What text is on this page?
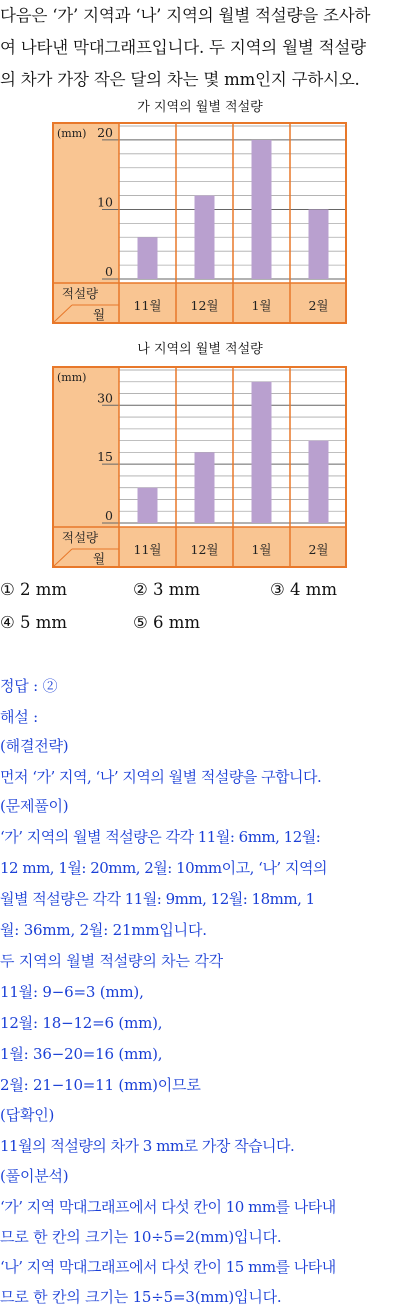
다음은 ‘가’ 지역과 ‘나’ 지역의 월별 적설량을 조사하
여 나타낸 막대그래프입니다. 두 지역의 월별 적설량
의 차가 가장 작은 달의 차는 몇 mm인지 구하시오.
가 지역의 월별 적설량
0
10
20
(mm)
11월 12월	1월	2월
적설량
월
나 지역의 월별 적설량
0
15
30
(mm)
11월 12월	1월	2월
적설량
월
① 2 mm	② 3 mm	③ 4 mm
④ 5 mm	⑤ 6 mm
정답 : ②
해설 :
(해결전략)
먼저 ‘가’ 지역, ‘나’ 지역의 월별 적설량을 구합니다.
(문제풀이)
‘가’ 지역의 월별 적설량은 각각 11월: 6mm, 12월:
12 mm, 1월: 20mm, 2월: 10mm이고, ‘나’ 지역의
월별 적설량은 각각 11월: 9mm, 12월: 18mm, 1
월: 36mm, 2월: 21mm입니다.
두 지역의 월별 적설량의 차는 각각
11월: 9−6=3 (mm),
12월: 18−12=6 (mm),
1월: 36−20=16 (mm),
2월: 21−10=11 (mm)이므로
(답확인)
11월의 적설량의 차가 3 mm로 가장 작습니다.
(풀이분석)
‘가’ 지역 막대그래프에서 다섯 칸이 10 mm를 나타내
므로 한 칸의 크기는 10÷5=2(mm)입니다.
‘나’ 지역 막대그래프에서 다섯 칸이 15 mm를 나타내
므로 한 칸의 크기는 15÷5=3(mm)입니다.
